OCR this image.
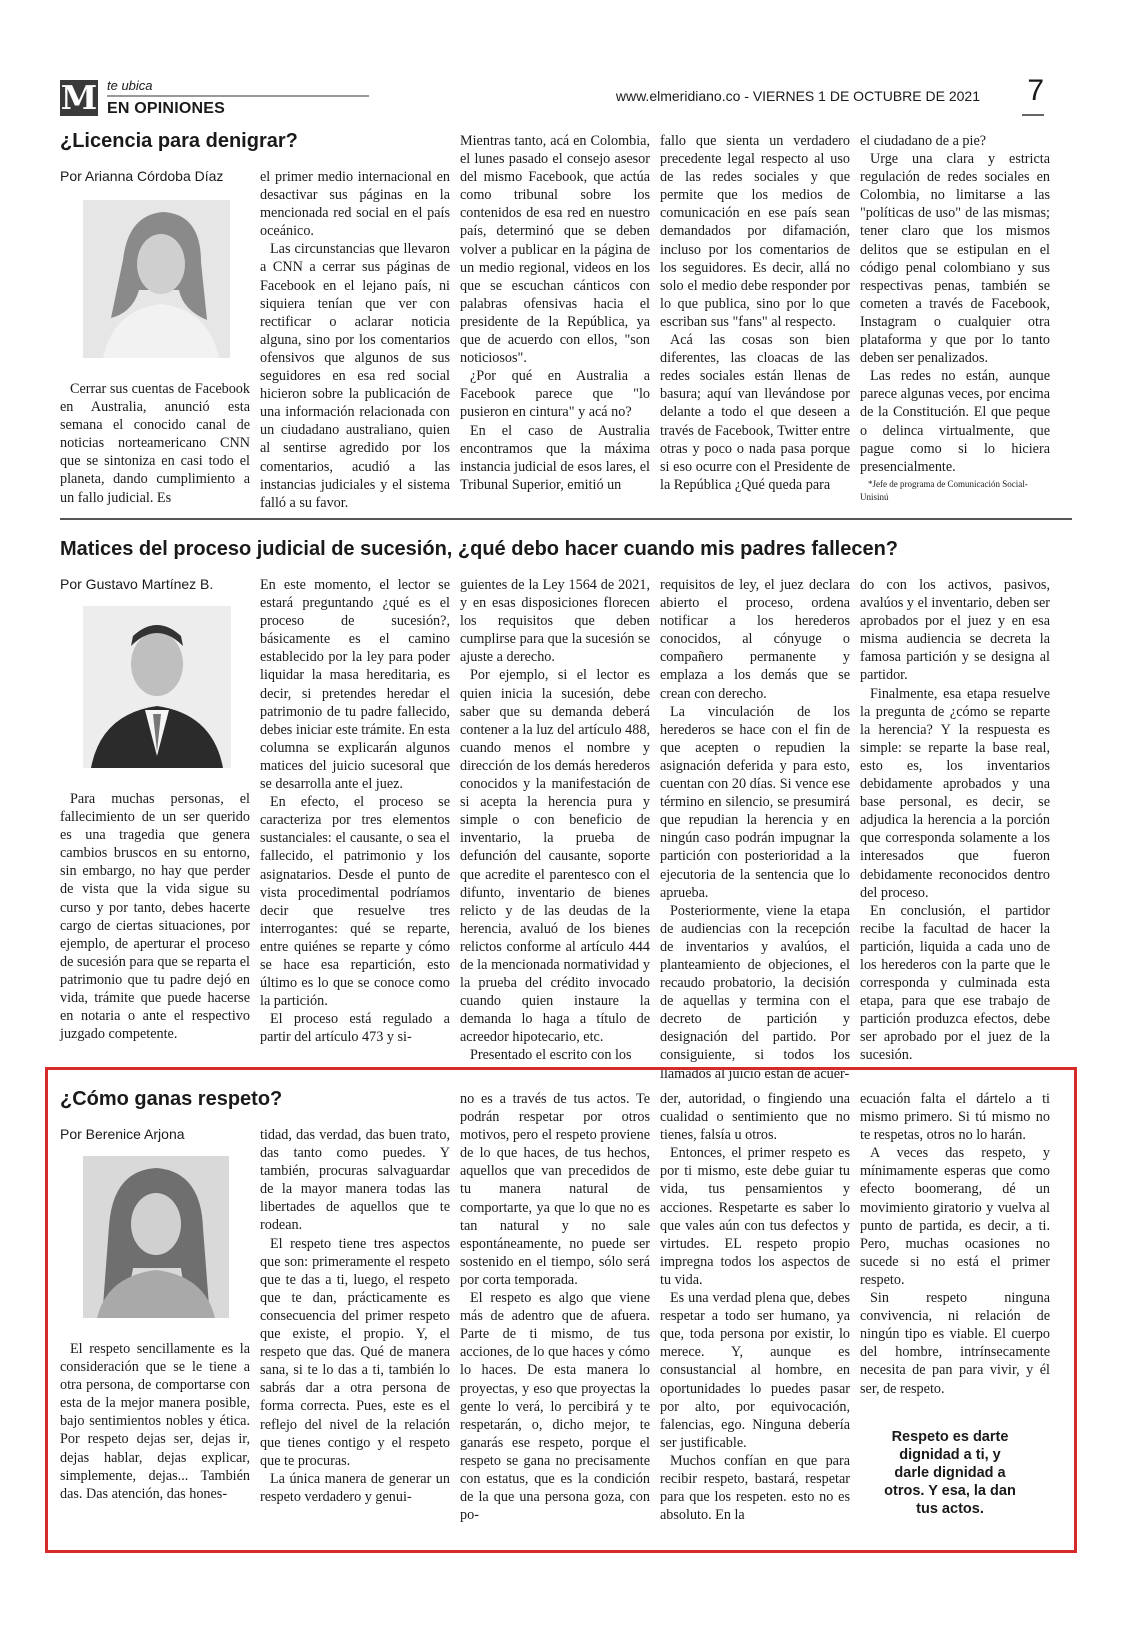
M te ubica
EN OPINIONES
www.elmeridiano.co - VIERNES 1 DE OCTUBRE DE 2021 7
¿Licencia para denigrar?

Por Arianna Córdoba Díaz

Cerrar sus cuentas de Facebook en Australia, anunció esta semana el conocido canal de noticias norteamericano CNN que se sintoniza en casi todo el planeta, dando cumplimiento a un fallo judicial. Es

el primer medio internacional en desactivar sus páginas en la mencionada red social en el país oceánico.

Las circunstancias que llevaron a CNN a cerrar sus páginas de Facebook en el lejano país, ni siquiera tenían que ver con rectificar o aclarar noticia alguna, sino por los comentarios ofensivos que algunos de sus seguidores en esa red social hicieron sobre la publicación de una información relacionada con un ciudadano australiano, quien al sentirse agredido por los comentarios, acudió a las instancias judiciales y el sistema falló a su favor.

Mientras tanto, acá en Colombia, el lunes pasado el consejo asesor del mismo Facebook, que actúa como tribunal sobre los contenidos de esa red en nuestro país, determinó que se deben volver a publicar en la página de un medio regional, videos en los que se escuchan cánticos con palabras ofensivas hacia el presidente de la República, ya que de acuerdo con ellos, "son noticiosos".

¿Por qué en Australia a Facebook parece que "lo pusieron en cintura" y acá no?

En el caso de Australia encontramos que la máxima instancia judicial de esos lares, el Tribunal Superior, emitió un

fallo que sienta un verdadero precedente legal respecto al uso de las redes sociales y que permite que los medios de comunicación en ese país sean demandados por difamación, incluso por los comentarios de los seguidores. Es decir, allá no solo el medio debe responder por lo que publica, sino por lo que escriban sus "fans" al respecto.

Acá las cosas son bien diferentes, las cloacas de las redes sociales están llenas de basura; aquí van llevándose por delante a todo el que deseen a través de Facebook, Twitter entre otras y poco o nada pasa porque si eso ocurre con el Presidente de la República ¿Qué queda para

el ciudadano de a pie?

Urge una clara y estricta regulación de redes sociales en Colombia, no limitarse a las "políticas de uso" de las mismas; tener claro que los mismos delitos que se estipulan en el código penal colombiano y sus respectivas penas, también se cometen a través de Facebook, Instagram o cualquier otra plataforma y que por lo tanto deben ser penalizados.

Las redes no están, aunque parece algunas veces, por encima de la Constitución. El que peque o delinca virtualmente, que pague como si lo hiciera presencialmente.

*Jefe de programa de Comunicación Social-Unisinú

Matices del proceso judicial de sucesión, ¿qué debo hacer cuando mis padres fallecen?

Por Gustavo Martínez B.

Para muchas personas, el fallecimiento de un ser querido es una tragedia que genera cambios bruscos en su entorno, sin embargo, no hay que perder de vista que la vida sigue su curso y por tanto, debes hacerte cargo de ciertas situaciones, por ejemplo, de aperturar el proceso de sucesión para que se reparta el patrimonio que tu padre dejó en vida, trámite que puede hacerse en notaria o ante el respectivo juzgado competente.

En este momento, el lector se estará preguntando ¿qué es el proceso de sucesión?, básicamente es el camino establecido por la ley para poder liquidar la masa hereditaria, es decir, si pretendes heredar el patrimonio de tu padre fallecido, debes iniciar este trámite. En esta columna se explicarán algunos matices del juicio sucesoral que se desarrolla ante el juez.

En efecto, el proceso se caracteriza por tres elementos sustanciales: el causante, o sea el fallecido, el patrimonio y los asignatarios. Desde el punto de vista procedimental podríamos decir que resuelve tres interrogantes: qué se reparte, entre quiénes se reparte y cómo se hace esa repartición, esto último es lo que se conoce como la partición.

El proceso está regulado a partir del artículo 473 y si-

guientes de la Ley 1564 de 2021, y en esas disposiciones florecen los requisitos que deben cumplirse para que la sucesión se ajuste a derecho.

Por ejemplo, si el lector es quien inicia la sucesión, debe saber que su demanda deberá contener a la luz del artículo 488, cuando menos el nombre y dirección de los demás herederos conocidos y la manifestación de si acepta la herencia pura y simple o con beneficio de inventario, la prueba de defunción del causante, soporte que acredite el parentesco con el difunto, inventario de bienes relicto y de las deudas de la herencia, avaluó de los bienes relictos conforme al artículo 444 de la mencionada normatividad y la prueba del crédito invocado cuando quien instaure la demanda lo haga a título de acreedor hipotecario, etc.

Presentado el escrito con los

requisitos de ley, el juez declara abierto el proceso, ordena notificar a los herederos conocidos, al cónyuge o compañero permanente y emplaza a los demás que se crean con derecho.

La vinculación de los herederos se hace con el fin de que acepten o repudien la asignación deferida y para esto, cuentan con 20 días. Si vence ese término en silencio, se presumirá que repudian la herencia y en ningún caso podrán impugnar la partición con posterioridad a la ejecutoria de la sentencia que lo aprueba.

Posteriormente, viene la etapa de audiencias con la recepción de inventarios y avalúos, el planteamiento de objeciones, el recaudo probatorio, la decisión de aquellas y termina con el decreto de partición y designación del partido. Por consiguiente, si todos los llamados al juicio están de acuer-

do con los activos, pasivos, avalúos y el inventario, deben ser aprobados por el juez y en esa misma audiencia se decreta la famosa partición y se designa al partidor.

Finalmente, esa etapa resuelve la pregunta de ¿cómo se reparte la herencia? Y la respuesta es simple: se reparte la base real, esto es, los inventarios debidamente aprobados y una base personal, es decir, se adjudica la herencia a la porción que corresponda solamente a los interesados que fueron debidamente reconocidos dentro del proceso.

En conclusión, el partidor recibe la facultad de hacer la partición, liquida a cada uno de los herederos con la parte que le corresponda y culminada esta etapa, para que ese trabajo de partición produzca efectos, debe ser aprobado por el juez de la sucesión.

¿Cómo ganas respeto?

Por Berenice Arjona

El respeto sencillamente es la consideración que se le tiene a otra persona, de comportarse con esta de la mejor manera posible, bajo sentimientos nobles y ética. Por respeto dejas ser, dejas ir, dejas hablar, dejas explicar, simplemente, dejas... También das. Das atención, das hones-

tidad, das verdad, das buen trato, das tanto como puedes. Y también, procuras salvaguardar de la mayor manera todas las libertades de aquellos que te rodean.

El respeto tiene tres aspectos que son: primeramente el respeto que te das a ti, luego, el respeto que te dan, prácticamente es consecuencia del primer respeto que existe, el propio. Y, el respeto que das. Qué de manera sana, si te lo das a ti, también lo sabrás dar a otra persona de forma correcta. Pues, este es el reflejo del nivel de la relación que tienes contigo y el respeto que te procuras.

La única manera de generar un respeto verdadero y genui-

no es a través de tus actos. Te podrán respetar por otros motivos, pero el respeto proviene de lo que haces, de tus hechos, aquellos que van precedidos de tu manera natural de comportarte, ya que lo que no es tan natural y no sale espontáneamente, no puede ser sostenido en el tiempo, sólo será por corta temporada.

El respeto es algo que viene más de adentro que de afuera. Parte de ti mismo, de tus acciones, de lo que haces y cómo lo haces. De esta manera lo proyectas, y eso que proyectas la gente lo verá, lo percibirá y te respetarán, o, dicho mejor, te ganarás ese respeto, porque el respeto se gana no precisamente con estatus, que es la condición de la que una persona goza, con po-

der, autoridad, o fingiendo una cualidad o sentimiento que no tienes, falsía u otros.

Entonces, el primer respeto es por ti mismo, este debe guiar tu vida, tus pensamientos y acciones. Respetarte es saber lo que vales aún con tus defectos y virtudes. EL respeto propio impregna todos los aspectos de tu vida.

Es una verdad plena que, debes respetar a todo ser humano, ya que, toda persona por existir, lo merece. Y, aunque es consustancial al hombre, en oportunidades lo puedes pasar por alto, por equivocación, falencias, ego. Ninguna debería ser justificable.

Muchos confían en que para recibir respeto, bastará, respetar para que los respeten. esto no es absoluto. En la

ecuación falta el dártelo a ti mismo primero. Si tú mismo no te respetas, otros no lo harán.

A veces das respeto, y mínimamente esperas que como efecto boomerang, dé un movimiento giratorio y vuelva al punto de partida, es decir, a ti. Pero, muchas ocasiones no sucede si no está el primer respeto.

Sin respeto ninguna convivencia, ni relación de ningún tipo es viable. El cuerpo del hombre, intrínsecamente necesita de pan para vivir, y él ser, de respeto.

Respeto es darte dignidad a ti, y darle dignidad a otros. Y esa, la dan tus actos.
